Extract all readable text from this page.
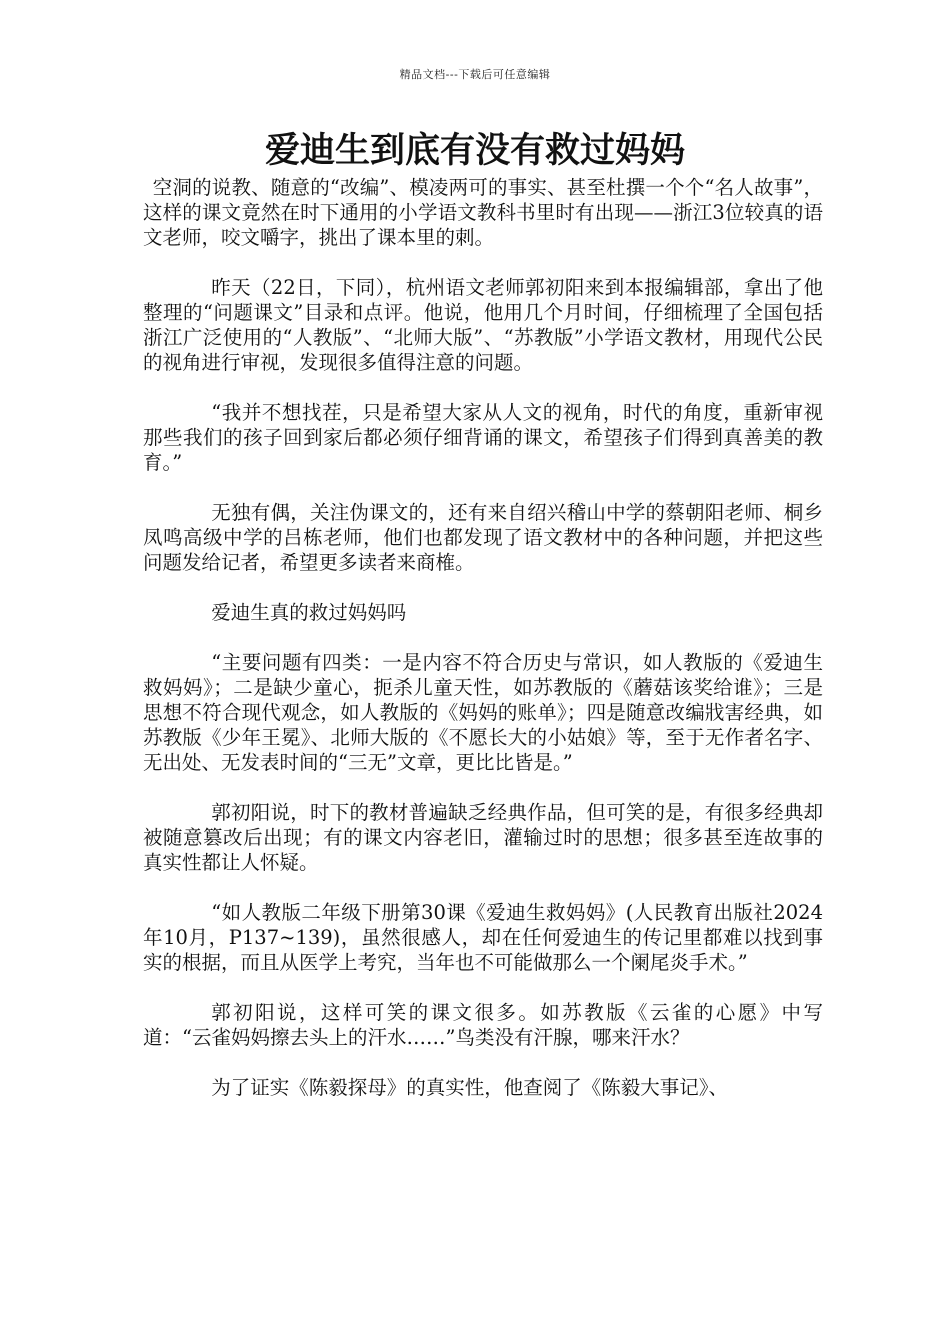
精品文档---下载后可任意编辑
爱迪生到底有没有救过妈妈

空洞的说教、随意的“改编”、模凌两可的事实、甚至杜撰一个个“名人故事”，这样的课文竟然在时下通用的小学语文教科书里时有出现——浙江3位较真的语文老师，咬文嚼字，挑出了课本里的刺。

昨天（22日，下同），杭州语文老师郭初阳来到本报编辑部，拿出了他整理的“问题课文”目录和点评。他说，他用几个月时间，仔细梳理了全国包括浙江广泛使用的“人教版”、“北师大版”、“苏教版”小学语文教材，用现代公民的视角进行审视，发现很多值得注意的问题。

“我并不想找茬，只是希望大家从人文的视角，时代的角度，重新审视那些我们的孩子回到家后都必须仔细背诵的课文，希望孩子们得到真善美的教育。”

无独有偶，关注伪课文的，还有来自绍兴稽山中学的蔡朝阳老师、桐乡凤鸣高级中学的吕栋老师，他们也都发现了语文教材中的各种问题，并把这些问题发给记者，希望更多读者来商榷。

爱迪生真的救过妈妈吗

“主要问题有四类：一是内容不符合历史与常识，如人教版的《爱迪生救妈妈》；二是缺少童心，扼杀儿童天性，如苏教版的《蘑菇该奖给谁》；三是思想不符合现代观念，如人教版的《妈妈的账单》；四是随意改编戕害经典，如苏教版《少年王冕》、北师大版的《不愿长大的小姑娘》等，至于无作者名字、无出处、无发表时间的“三无”文章，更比比皆是。”

郭初阳说，时下的教材普遍缺乏经典作品，但可笑的是，有很多经典却被随意篡改后出现；有的课文内容老旧，灌输过时的思想；很多甚至连故事的真实性都让人怀疑。

“如人教版二年级下册第30课《爱迪生救妈妈》(人民教育出版社2024年10月，P137~139)，虽然很感人，却在任何爱迪生的传记里都难以找到事实的根据，而且从医学上考究，当年也不可能做那么一个阑尾炎手术。”

郭初阳说，这样可笑的课文很多。如苏教版《云雀的心愿》中写道：“云雀妈妈擦去头上的汗水……”鸟类没有汗腺，哪来汗水？

为了证实《陈毅探母》的真实性，他查阅了《陈毅大事记》、
